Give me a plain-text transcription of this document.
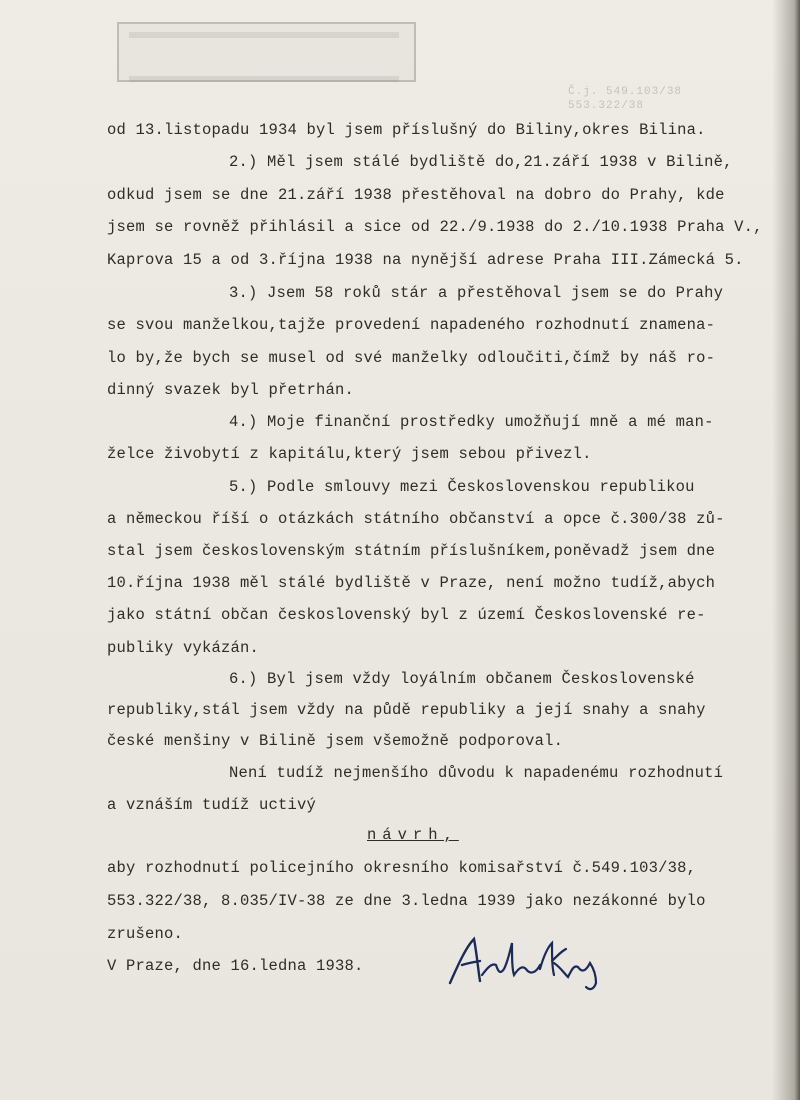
Č.j. 549.103/38
553.322/38
od 13.listopadu 1934 byl jsem příslušný do Biliny,okres Bilina.
2.) Měl jsem stálé bydliště do,21.září 1938 v Bilině,
odkud jsem se dne 21.září 1938 přestěhoval na dobro do Prahy, kde
jsem se rovněž přihlásil a sice od 22./9.1938 do 2./10.1938 Praha V.,
Kaprova 15 a od 3.října 1938 na nynější adrese Praha III.Zámecká 5.
3.) Jsem 58 roků stár a přestěhoval jsem se do Prahy
se svou manželkou,tajže provedení napadeného rozhodnutí znamena-
lo by,že bych se musel od své manželky odloučiti,čímž by náš ro-
dinný svazek byl přetrhán.
4.) Moje finanční prostředky umožňují mně a mé man-
želce živobytí z kapitálu,který jsem sebou přivezl.
5.) Podle smlouvy mezi Československou republikou
a německou říší o otázkách státního občanství a opce č.300/38 zů-
stal jsem československým státním příslušníkem,poněvadž jsem dne
10.října 1938 měl stálé bydliště v Praze, není možno tudíž,abych
jako státní občan československý byl z území Československé re-
publiky vykázán.
6.) Byl jsem vždy loyálním občanem Československé
republiky,stál jsem vždy na půdě republiky a její snahy a snahy
české menšiny v Bilině jsem všemožně podporoval.
Není tudíž nejmenšího důvodu k napadenému rozhodnutí
a vznáším tudíž uctivý
návrh,
aby rozhodnutí policejního okresního komisařství č.549.103/38,
553.322/38, 8.035/IV-38 ze dne 3.ledna 1939 jako nezákonné bylo
zrušeno.
V Praze, dne 16.ledna 1938.
